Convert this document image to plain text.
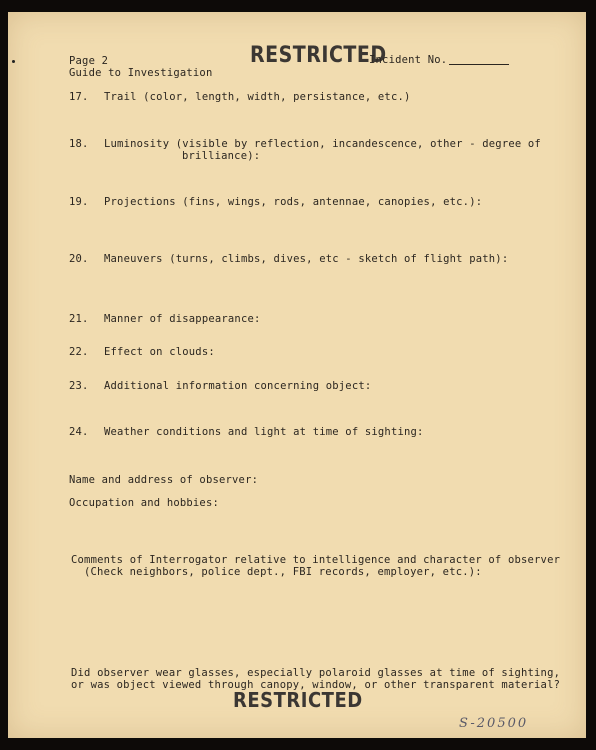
Page 2
Guide to Investigation
RESTRICTED
Incident No.
17. Trail (color, length, width, persistance, etc.)
18. Luminosity (visible by reflection, incandescence, other - degree of
brilliance):
19. Projections (fins, wings, rods, antennae, canopies, etc.):
20. Maneuvers (turns, climbs, dives, etc - sketch of flight path):
21. Manner of disappearance:
22. Effect on clouds:
23. Additional information concerning object:
24. Weather conditions and light at time of sighting:
Name and address of observer:
Occupation and hobbies:
Comments of Interrogator relative to intelligence and character of observer
(Check neighbors, police dept., FBI records, employer, etc.):
Did observer wear glasses, especially polaroid glasses at time of sighting,
or was object viewed through canopy, window, or other transparent material?
RESTRICTED
S-20500
